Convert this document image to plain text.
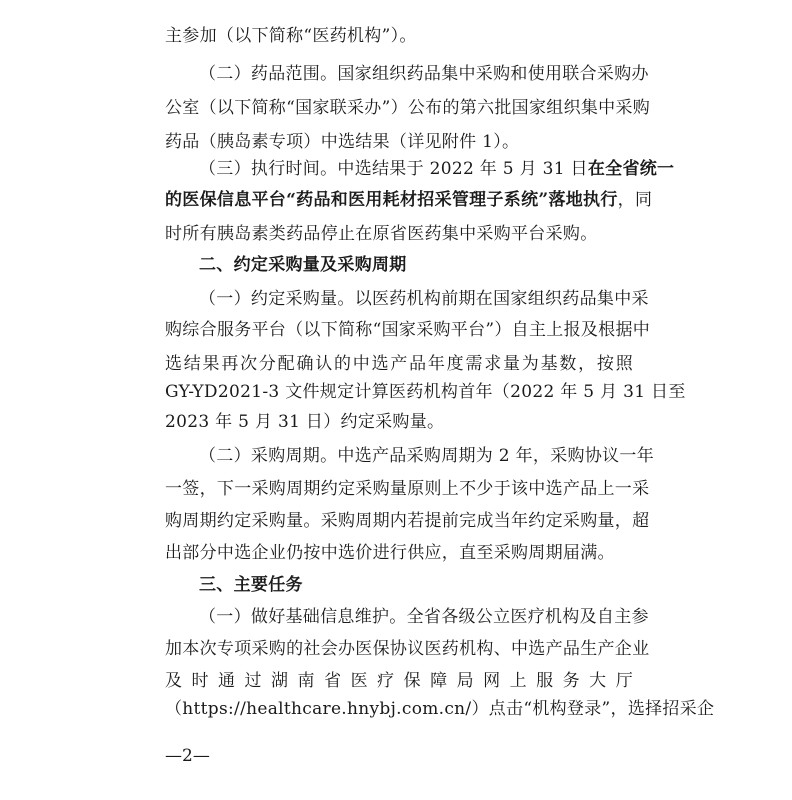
主参加（以下简称“医药机构”）。
（二）药品范围。国家组织药品集中采购和使用联合采购办
公室（以下简称“国家联采办”）公布的第六批国家组织集中采购
药品（胰岛素专项）中选结果（详见附件 1）。
（三）执行时间。中选结果于 2022 年 5 月 31 日在全省统一
的医保信息平台“药品和医用耗材招采管理子系统”落地执行，同
时所有胰岛素类药品停止在原省医药集中采购平台采购。
二、约定采购量及采购周期
（一）约定采购量。以医药机构前期在国家组织药品集中采
购综合服务平台（以下简称“国家采购平台”）自主上报及根据中
选结果再次分配确认的中选产品年度需求量为基数，按照
GY-YD2021-3 文件规定计算医药机构首年（2022 年 5 月 31 日至
2023 年 5 月 31 日）约定采购量。
（二）采购周期。中选产品采购周期为 2 年，采购协议一年
一签，下一采购周期约定采购量原则上不少于该中选产品上一采
购周期约定采购量。采购周期内若提前完成当年约定采购量，超
出部分中选企业仍按中选价进行供应，直至采购周期届满。
三、主要任务
（一）做好基础信息维护。全省各级公立医疗机构及自主参
加本次专项采购的社会办医保协议医药机构、中选产品生产企业
及 时 通 过 湖 南 省 医 疗 保 障 局 网 上 服 务 大 厅
（https://healthcare.hnybj.com.cn/）点击“机构登录”，选择招采企
—2—
